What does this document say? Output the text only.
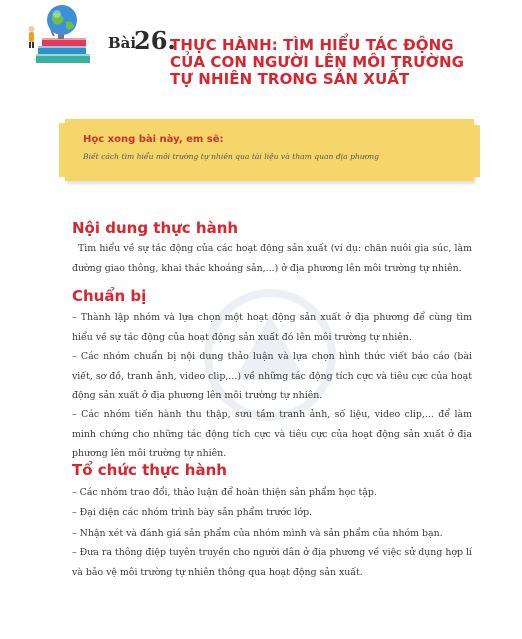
Bài
26.
THỰC HÀNH: TÌM HIỂU TÁC ĐỘNG
CỦA CON NGƯỜI LÊN MÔI TRƯỜNG
TỰ NHIÊN TRONG SẢN XUẤT
Học xong bài này, em sẽ:
Biết cách tìm hiểu môi trường tự nhiên qua tài liệu và tham quan địa phương
Nội dung thực hành

Tìm hiểu về sự tác động của các hoạt động sản xuất (ví dụ: chăn nuôi gia súc, làm đường giao thông, khai thác khoáng sản,...) ở địa phương lên môi trường tự nhiên.

Chuẩn bị

– Thành lập nhóm và lựa chọn một hoạt động sản xuất ở địa phương để cùng tìm hiểu về sự tác động của hoạt động sản xuất đó lên môi trường tự nhiên.

– Các nhóm chuẩn bị nội dung thảo luận và lựa chọn hình thức viết báo cáo (bài viết, sơ đồ, tranh ảnh, video clip,...) về những tác động tích cực và tiêu cực của hoạt động sản xuất ở địa phương lên môi trường tự nhiên.

– Các nhóm tiến hành thu thập, sưu tầm tranh ảnh, số liệu, video clip,... để làm minh chứng cho những tác động tích cực và tiêu cực của hoạt động sản xuất ở địa phương lên môi trường tự nhiên.

Tổ chức thực hành

– Các nhóm trao đổi, thảo luận để hoàn thiện sản phẩm học tập.

– Đại diện các nhóm trình bày sản phẩm trước lớp.

– Nhận xét và đánh giá sản phẩm của nhóm mình và sản phẩm của nhóm bạn.

– Đưa ra thông điệp tuyên truyền cho người dân ở địa phương về việc sử dụng hợp lí và bảo vệ môi trường tự nhiên thông qua hoạt động sản xuất.
